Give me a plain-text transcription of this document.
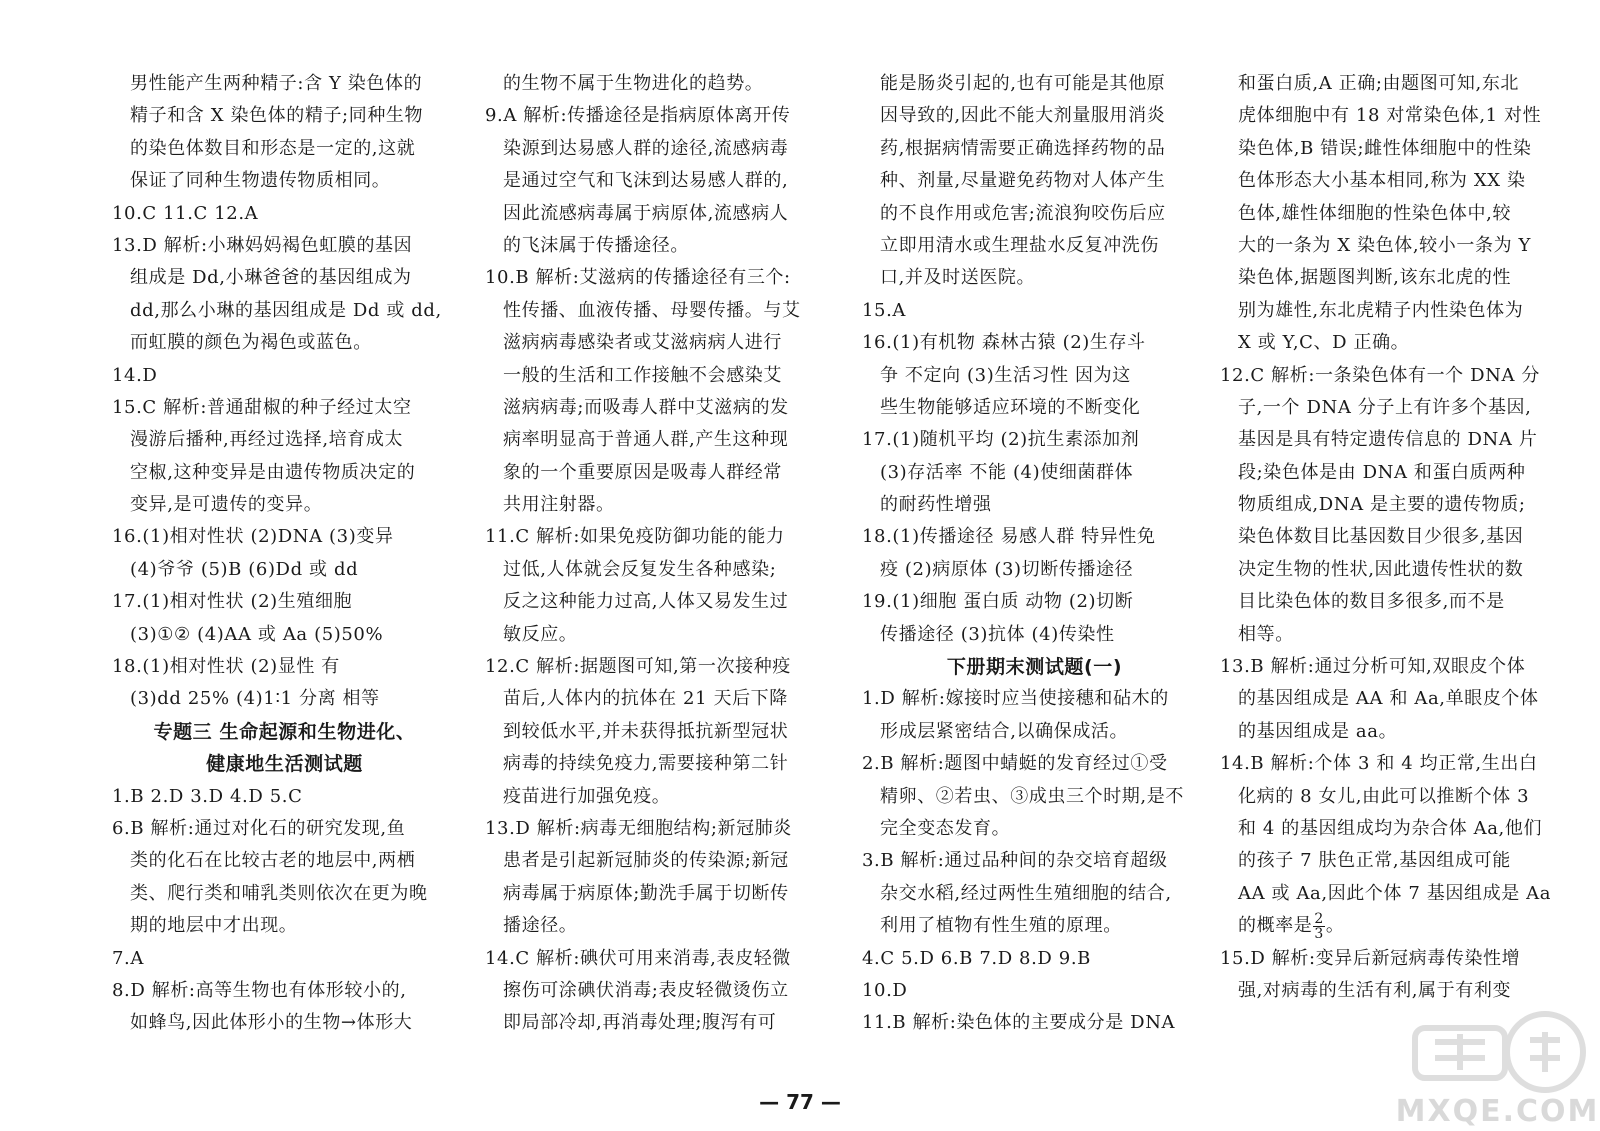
男性能产生两种精子:含 Y 染色体的
精子和含 X 染色体的精子;同种生物
的染色体数目和形态是一定的,这就
保证了同种生物遗传物质相同。
10.C 11.C 12.A
13.D 解析:小琳妈妈褐色虹膜的基因
组成是 Dd,小琳爸爸的基因组成为
dd,那么小琳的基因组成是 Dd 或 dd,
而虹膜的颜色为褐色或蓝色。
14.D
15.C 解析:普通甜椒的种子经过太空
漫游后播种,再经过选择,培育成太
空椒,这种变异是由遗传物质决定的
变异,是可遗传的变异。
16.(1)相对性状 (2)DNA (3)变异
(4)爷爷 (5)B (6)Dd 或 dd
17.(1)相对性状 (2)生殖细胞
(3)①② (4)AA 或 Aa (5)50%
18.(1)相对性状 (2)显性 有
(3)dd 25% (4)1∶1 分离 相等
专题三 生命起源和生物进化、
健康地生活测试题
1.B 2.D 3.D 4.D 5.C
6.B 解析:通过对化石的研究发现,鱼
类的化石在比较古老的地层中,两栖
类、爬行类和哺乳类则依次在更为晚
期的地层中才出现。
7.A
8.D 解析:高等生物也有体形较小的,
如蜂鸟,因此体形小的生物→体形大
的生物不属于生物进化的趋势。
9.A 解析:传播途径是指病原体离开传
染源到达易感人群的途径,流感病毒
是通过空气和飞沫到达易感人群的,
因此流感病毒属于病原体,流感病人
的飞沫属于传播途径。
10.B 解析:艾滋病的传播途径有三个:
性传播、血液传播、母婴传播。与艾
滋病病毒感染者或艾滋病病人进行
一般的生活和工作接触不会感染艾
滋病病毒;而吸毒人群中艾滋病的发
病率明显高于普通人群,产生这种现
象的一个重要原因是吸毒人群经常
共用注射器。
11.C 解析:如果免疫防御功能的能力
过低,人体就会反复发生各种感染;
反之这种能力过高,人体又易发生过
敏反应。
12.C 解析:据题图可知,第一次接种疫
苗后,人体内的抗体在 21 天后下降
到较低水平,并未获得抵抗新型冠状
病毒的持续免疫力,需要接种第二针
疫苗进行加强免疫。
13.D 解析:病毒无细胞结构;新冠肺炎
患者是引起新冠肺炎的传染源;新冠
病毒属于病原体;勤洗手属于切断传
播途径。
14.C 解析:碘伏可用来消毒,表皮轻微
擦伤可涂碘伏消毒;表皮轻微烫伤立
即局部冷却,再消毒处理;腹泻有可
能是肠炎引起的,也有可能是其他原
因导致的,因此不能大剂量服用消炎
药,根据病情需要正确选择药物的品
种、剂量,尽量避免药物对人体产生
的不良作用或危害;流浪狗咬伤后应
立即用清水或生理盐水反复冲洗伤
口,并及时送医院。
15.A
16.(1)有机物 森林古猿 (2)生存斗
争 不定向 (3)生活习性 因为这
些生物能够适应环境的不断变化
17.(1)随机平均 (2)抗生素添加剂
(3)存活率 不能 (4)使细菌群体
的耐药性增强
18.(1)传播途径 易感人群 特异性免
疫 (2)病原体 (3)切断传播途径
19.(1)细胞 蛋白质 动物 (2)切断
传播途径 (3)抗体 (4)传染性
下册期末测试题(一)
1.D 解析:嫁接时应当使接穗和砧木的
形成层紧密结合,以确保成活。
2.B 解析:题图中蜻蜓的发育经过①受
精卵、②若虫、③成虫三个时期,是不
完全变态发育。
3.B 解析:通过品种间的杂交培育超级
杂交水稻,经过两性生殖细胞的结合,
利用了植物有性生殖的原理。
4.C 5.D 6.B 7.D 8.D 9.B
10.D
11.B 解析:染色体的主要成分是 DNA
和蛋白质,A 正确;由题图可知,东北
虎体细胞中有 18 对常染色体,1 对性
染色体,B 错误;雌性体细胞中的性染
色体形态大小基本相同,称为 XX 染
色体,雄性体细胞的性染色体中,较
大的一条为 X 染色体,较小一条为 Y
染色体,据题图判断,该东北虎的性
别为雄性,东北虎精子内性染色体为
X 或 Y,C、D 正确。
12.C 解析:一条染色体有一个 DNA 分
子,一个 DNA 分子上有许多个基因,
基因是具有特定遗传信息的 DNA 片
段;染色体是由 DNA 和蛋白质两种
物质组成,DNA 是主要的遗传物质;
染色体数目比基因数目少很多,基因
决定生物的性状,因此遗传性状的数
目比染色体的数目多很多,而不是
相等。
13.B 解析:通过分析可知,双眼皮个体
的基因组成是 AA 和 Aa,单眼皮个体
的基因组成是 aa。
14.B 解析:个体 3 和 4 均正常,生出白
化病的 8 女儿,由此可以推断个体 3
和 4 的基因组成均为杂合体 Aa,他们
的孩子 7 肤色正常,基因组成可能
AA 或 Aa,因此个体 7 基因组成是 Aa
的概率是 $\frac{2}{3}$ 。
15.D 解析:变异后新冠病毒传染性增
强,对病毒的生活有利,属于有利变
— 77 —	MXQE.COM
